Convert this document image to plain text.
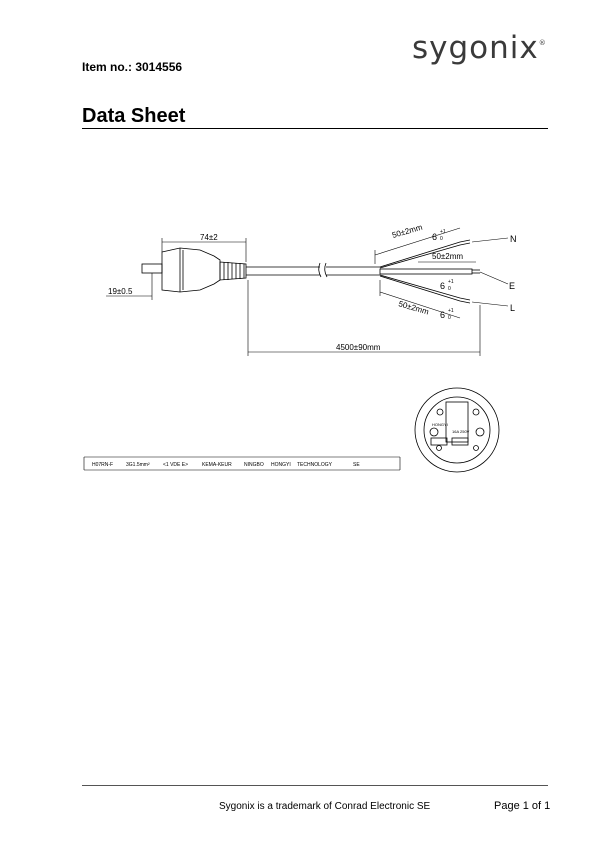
sygonix®
Item no.: 3014556
Data Sheet
74±2
19±0.5
4500±90mm
50±2mm
50±2mm
50±2mm
6 +1
0
6 +1
0
6 +1
0
N
E
L
HONGYI
16A 250V
H07RN-F	3G1.5mm²	<1 VDE E>	KEMA-KEUR NINGBO HONGYI TECHNOLOGY	SE
Sygonix is a trademark of Conrad Electronic SE	Page 1 of 1
